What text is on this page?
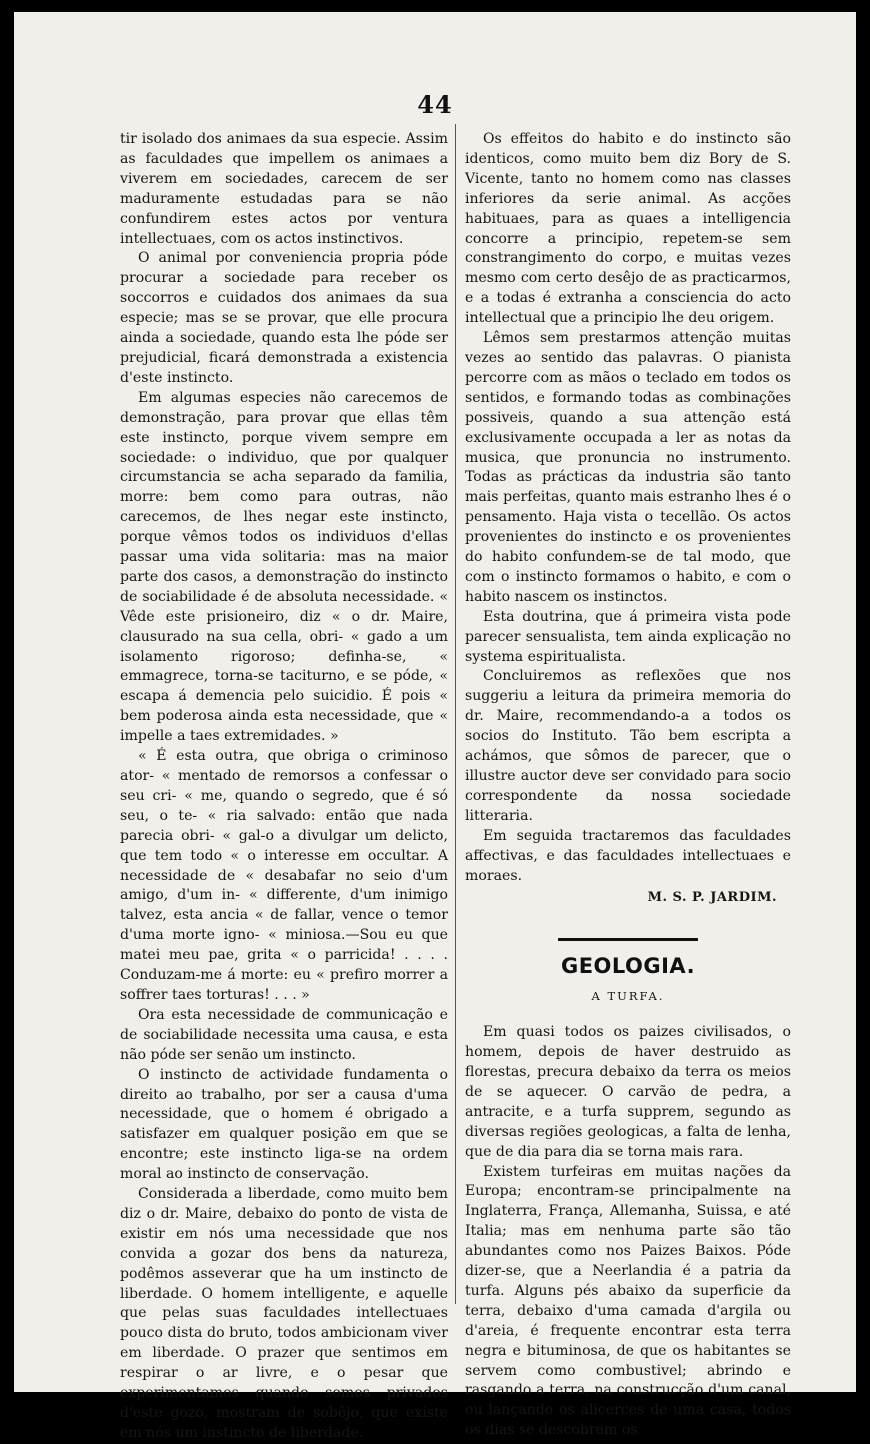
44

tir isolado dos animaes da sua especie. Assim as faculdades que impellem os animaes a viverem em sociedades, carecem de ser maduramente estudadas para se não confundirem estes actos por ventura intellectuaes, com os actos instinctivos.

O animal por conveniencia propria póde procurar a sociedade para receber os soccorros e cuidados dos animaes da sua especie; mas se se provar, que elle procura ainda a sociedade, quando esta lhe póde ser prejudicial, ficará demonstrada a existencia d'este instincto.

Em algumas especies não carecemos de demonstração, para provar que ellas têm este instincto, porque vivem sempre em sociedade: o individuo, que por qualquer circumstancia se acha separado da familia, morre: bem como para outras, não carecemos, de lhes negar este instincto, porque vêmos todos os individuos d'ellas passar uma vida solitaria: mas na maior parte dos casos, a demonstração do instincto de sociabilidade é de absoluta necessidade. « Vêde este prisioneiro, diz « o dr. Maire, clausurado na sua cella, obri- « gado a um isolamento rigoroso; definha-se, « emmagrece, torna-se taciturno, e se póde, « escapa á demencia pelo suicidio. É pois « bem poderosa ainda esta necessidade, que « impelle a taes extremidades. »

« É esta outra, que obriga o criminoso ator- « mentado de remorsos a confessar o seu cri- « me, quando o segredo, que é só seu, o te- « ria salvado: então que nada parecia obri- « gal-o a divulgar um delicto, que tem todo « o interesse em occultar. A necessidade de « desabafar no seio d'um amigo, d'um in- « differente, d'um inimigo talvez, esta ancia « de fallar, vence o temor d'uma morte igno- « miniosa.—Sou eu que matei meu pae, grita « o parricida! . . . . Conduzam-me á morte: eu « prefiro morrer a soffrer taes torturas! . . . »

Ora esta necessidade de communicação e de sociabilidade necessita uma causa, e esta não póde ser senão um instincto.

O instincto de actividade fundamenta o direito ao trabalho, por ser a causa d'uma necessidade, que o homem é obrigado a satisfazer em qualquer posição em que se encontre; este instincto liga-se na ordem moral ao instincto de conservação.

Considerada a liberdade, como muito bem diz o dr. Maire, debaixo do ponto de vista de existir em nós uma necessidade que nos convida a gozar dos bens da natureza, podêmos asseverar que ha um instincto de liberdade. O homem intelligente, e aquelle que pelas suas faculdades intellectuaes pouco dista do bruto, todos ambicionam viver em liberdade. O prazer que sentimos em respirar o ar livre, e o pesar que experimentamos quando somos privados d'este gozo, mostram de sobêjo, que existe em nós um instincto de liberdade.

Os effeitos do habito e do instincto são identicos, como muito bem diz Bory de S. Vicente, tanto no homem como nas classes inferiores da serie animal. As acções habituaes, para as quaes a intelligencia concorre a principio, repetem-se sem constrangimento do corpo, e muitas vezes mesmo com certo desêjo de as practicarmos, e a todas é extranha a consciencia do acto intellectual que a principio lhe deu origem.

Lêmos sem prestarmos attenção muitas vezes ao sentido das palavras. O pianista percorre com as mãos o teclado em todos os sentidos, e formando todas as combinações possiveis, quando a sua attenção está exclusivamente occupada a ler as notas da musica, que pronuncia no instrumento. Todas as prácticas da industria são tanto mais perfeitas, quanto mais estranho lhes é o pensamento. Haja vista o tecellão. Os actos provenientes do instincto e os provenientes do habito confundem-se de tal modo, que com o instincto formamos o habito, e com o habito nascem os instinctos.

Esta doutrina, que á primeira vista pode parecer sensualista, tem ainda explicação no systema espiritualista.

Concluiremos as reflexões que nos suggeriu a leitura da primeira memoria do dr. Maire, recommendando-a a todos os socios do Instituto. Tão bem escripta a achámos, que sômos de parecer, que o illustre auctor deve ser convidado para socio correspondente da nossa sociedade litteraria.

Em seguida tractaremos das faculdades affectivas, e das faculdades intellectuaes e moraes.

M. S. P. JARDIM.
GEOLOGIA.
A TURFA.

Em quasi todos os paizes civilisados, o homem, depois de haver destruido as florestas, precura debaixo da terra os meios de se aquecer. O carvão de pedra, a antracite, e a turfa supprem, segundo as diversas regiões geologicas, a falta de lenha, que de dia para dia se torna mais rara.

Existem turfeiras em muitas nações da Europa; encontram-se principalmente na Inglaterra, França, Allemanha, Suissa, e até Italia; mas em nenhuma parte são tão abundantes como nos Paizes Baixos. Póde dizer-se, que a Neerlandia é a patria da turfa. Alguns pés abaixo da superficie da terra, debaixo d'uma camada d'argila ou d'areia, é frequente encontrar esta terra negra e bituminosa, de que os habitantes se servem como combustivel; abrindo e rasgando a terra, na construcção d'um canal, ou lançando os alicerces de uma casa, todos os dias se descobrem os
